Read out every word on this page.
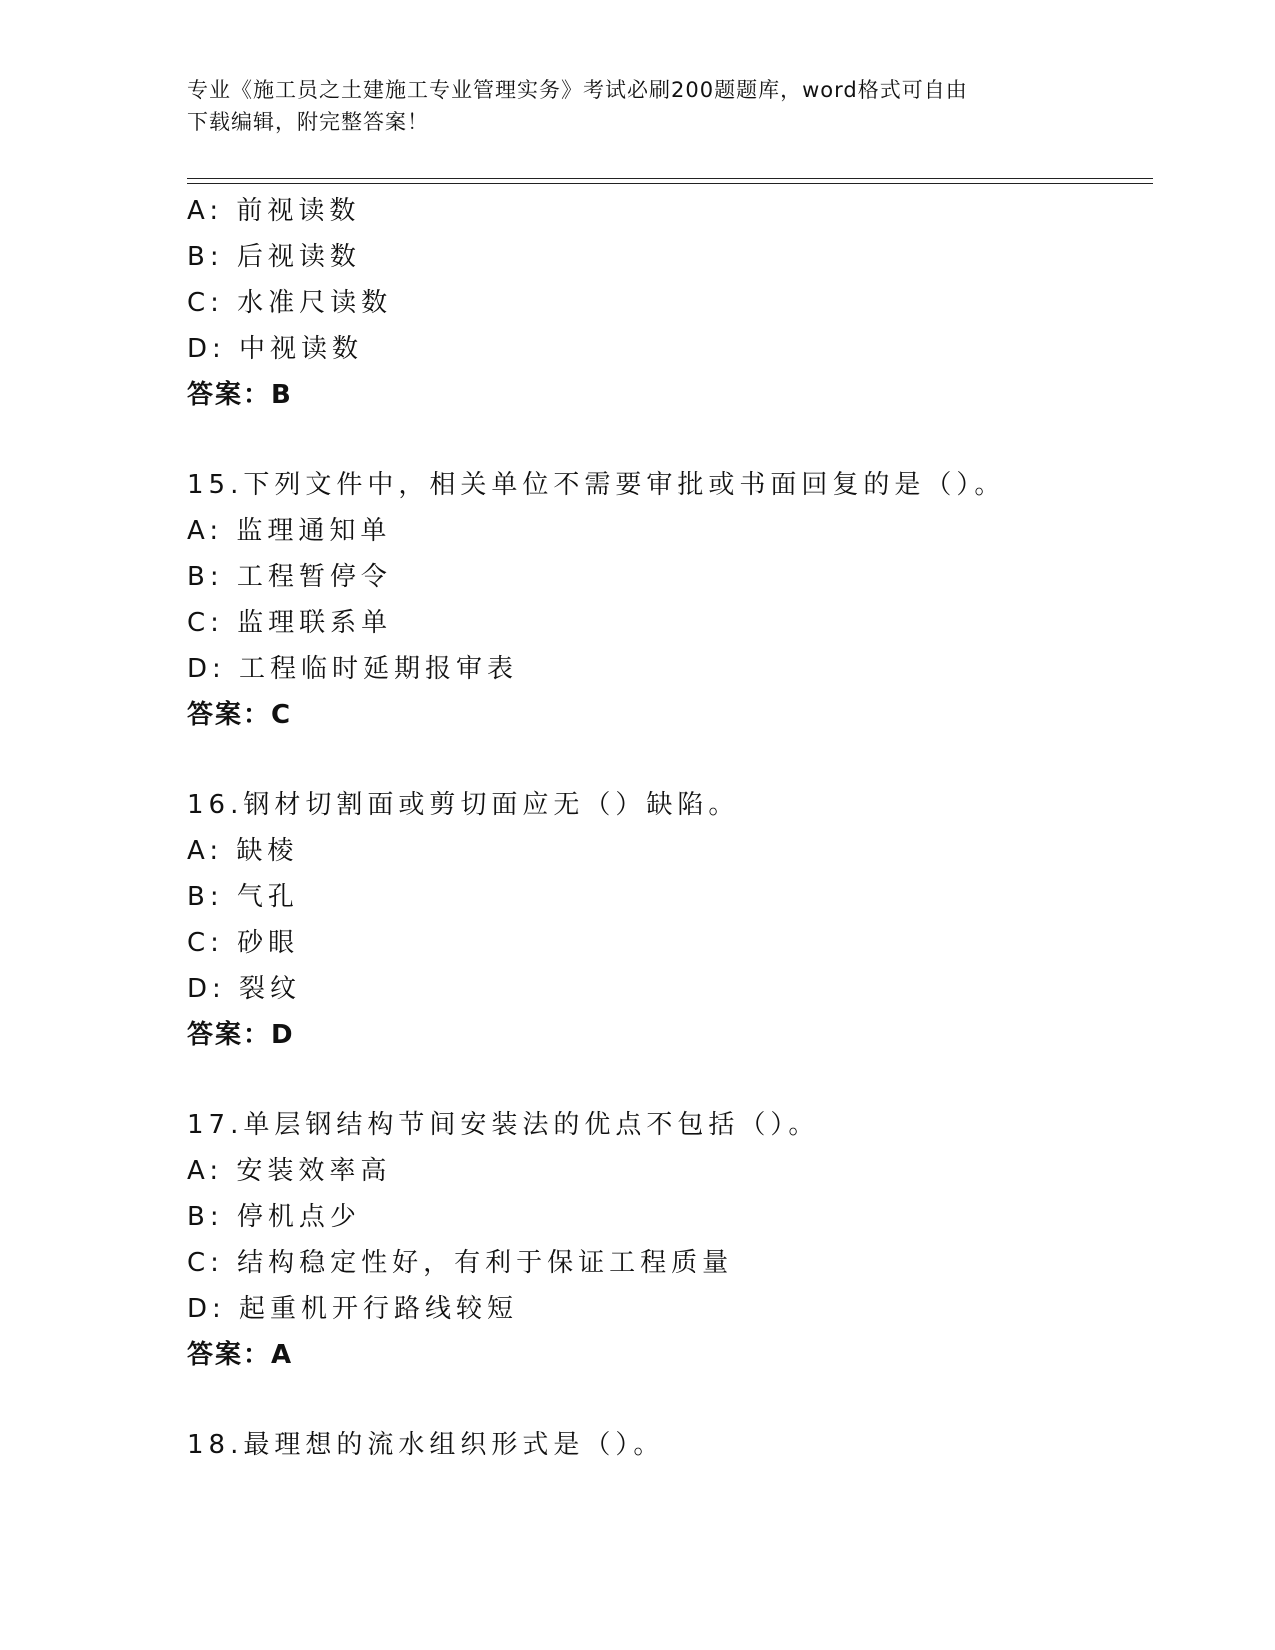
专业《施工员之土建施工专业管理实务》考试必刷200题题库，word格式可自由
下载编辑，附完整答案！
A: 前视读数
B: 后视读数
C: 水准尺读数
D: 中视读数
答案：B
15.下列文件中，相关单位不需要审批或书面回复的是（）。
A: 监理通知单
B: 工程暂停令
C: 监理联系单
D: 工程临时延期报审表
答案：C
16.钢材切割面或剪切面应无（）缺陷。
A: 缺棱
B: 气孔
C: 砂眼
D: 裂纹
答案：D
17.单层钢结构节间安装法的优点不包括（）。
A: 安装效率高
B: 停机点少
C: 结构稳定性好，有利于保证工程质量
D: 起重机开行路线较短
答案：A
18.最理想的流水组织形式是（）。
